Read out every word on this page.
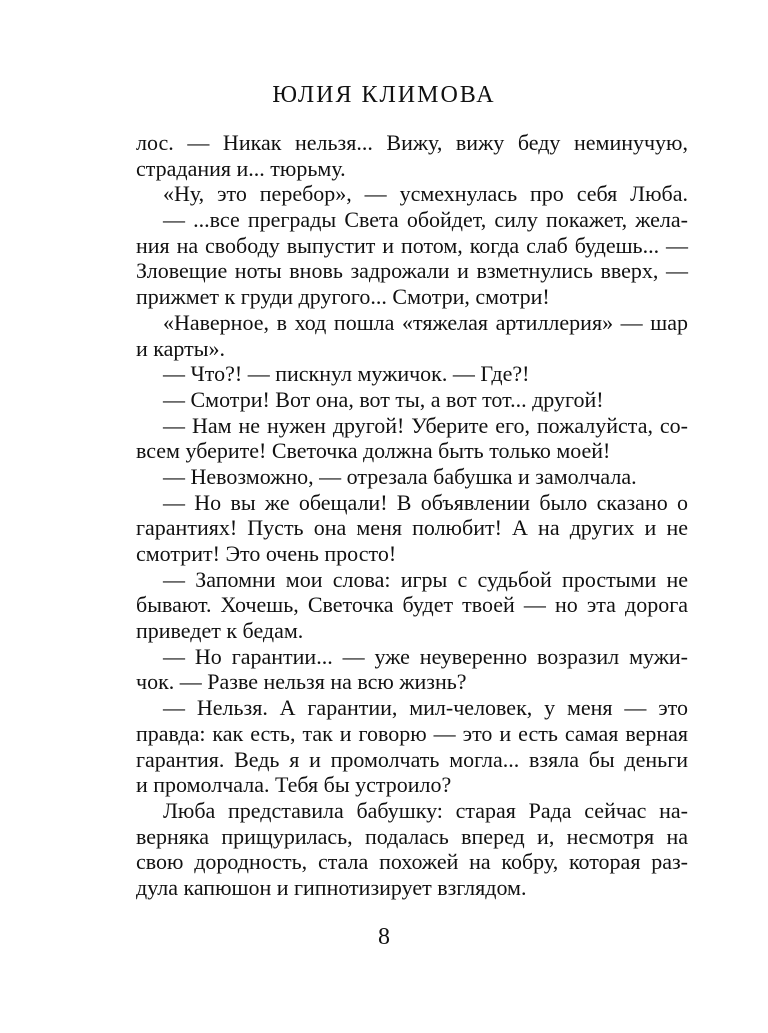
ЮЛИЯ КЛИМОВА
лос. — Никак нельзя... Вижу, вижу беду неминучую,
страдания и... тюрьму.
«Ну, это перебор», — усмехнулась про себя Люба.
— ...все преграды Света обойдет, силу покажет, жела-
ния на свободу выпустит и потом, когда слаб будешь... —
Зловещие ноты вновь задрожали и взметнулись вверх, —
прижмет к груди другого... Смотри, смотри!
«Наверное, в ход пошла «тяжелая артиллерия» — шар
и карты».
— Что?! — пискнул мужичок. — Где?!
— Смотри! Вот она, вот ты, а вот тот... другой!
— Нам не нужен другой! Уберите его, пожалуйста, со-
всем уберите! Светочка должна быть только моей!
— Невозможно, — отрезала бабушка и замолчала.
— Но вы же обещали! В объявлении было сказано о
гарантиях! Пусть она меня полюбит! А на других и не
смотрит! Это очень просто!
— Запомни мои слова: игры с судьбой простыми не
бывают. Хочешь, Светочка будет твоей — но эта дорога
приведет к бедам.
— Но гарантии... — уже неуверенно возразил мужи-
чок. — Разве нельзя на всю жизнь?
— Нельзя. А гарантии, мил-человек, у меня — это
правда: как есть, так и говорю — это и есть самая верная
гарантия. Ведь я и промолчать могла... взяла бы деньги
и промолчала. Тебя бы устроило?
Люба представила бабушку: старая Рада сейчас на-
верняка прищурилась, подалась вперед и, несмотря на
свою дородность, стала похожей на кобру, которая раз-
дула капюшон и гипнотизирует взглядом.
8
